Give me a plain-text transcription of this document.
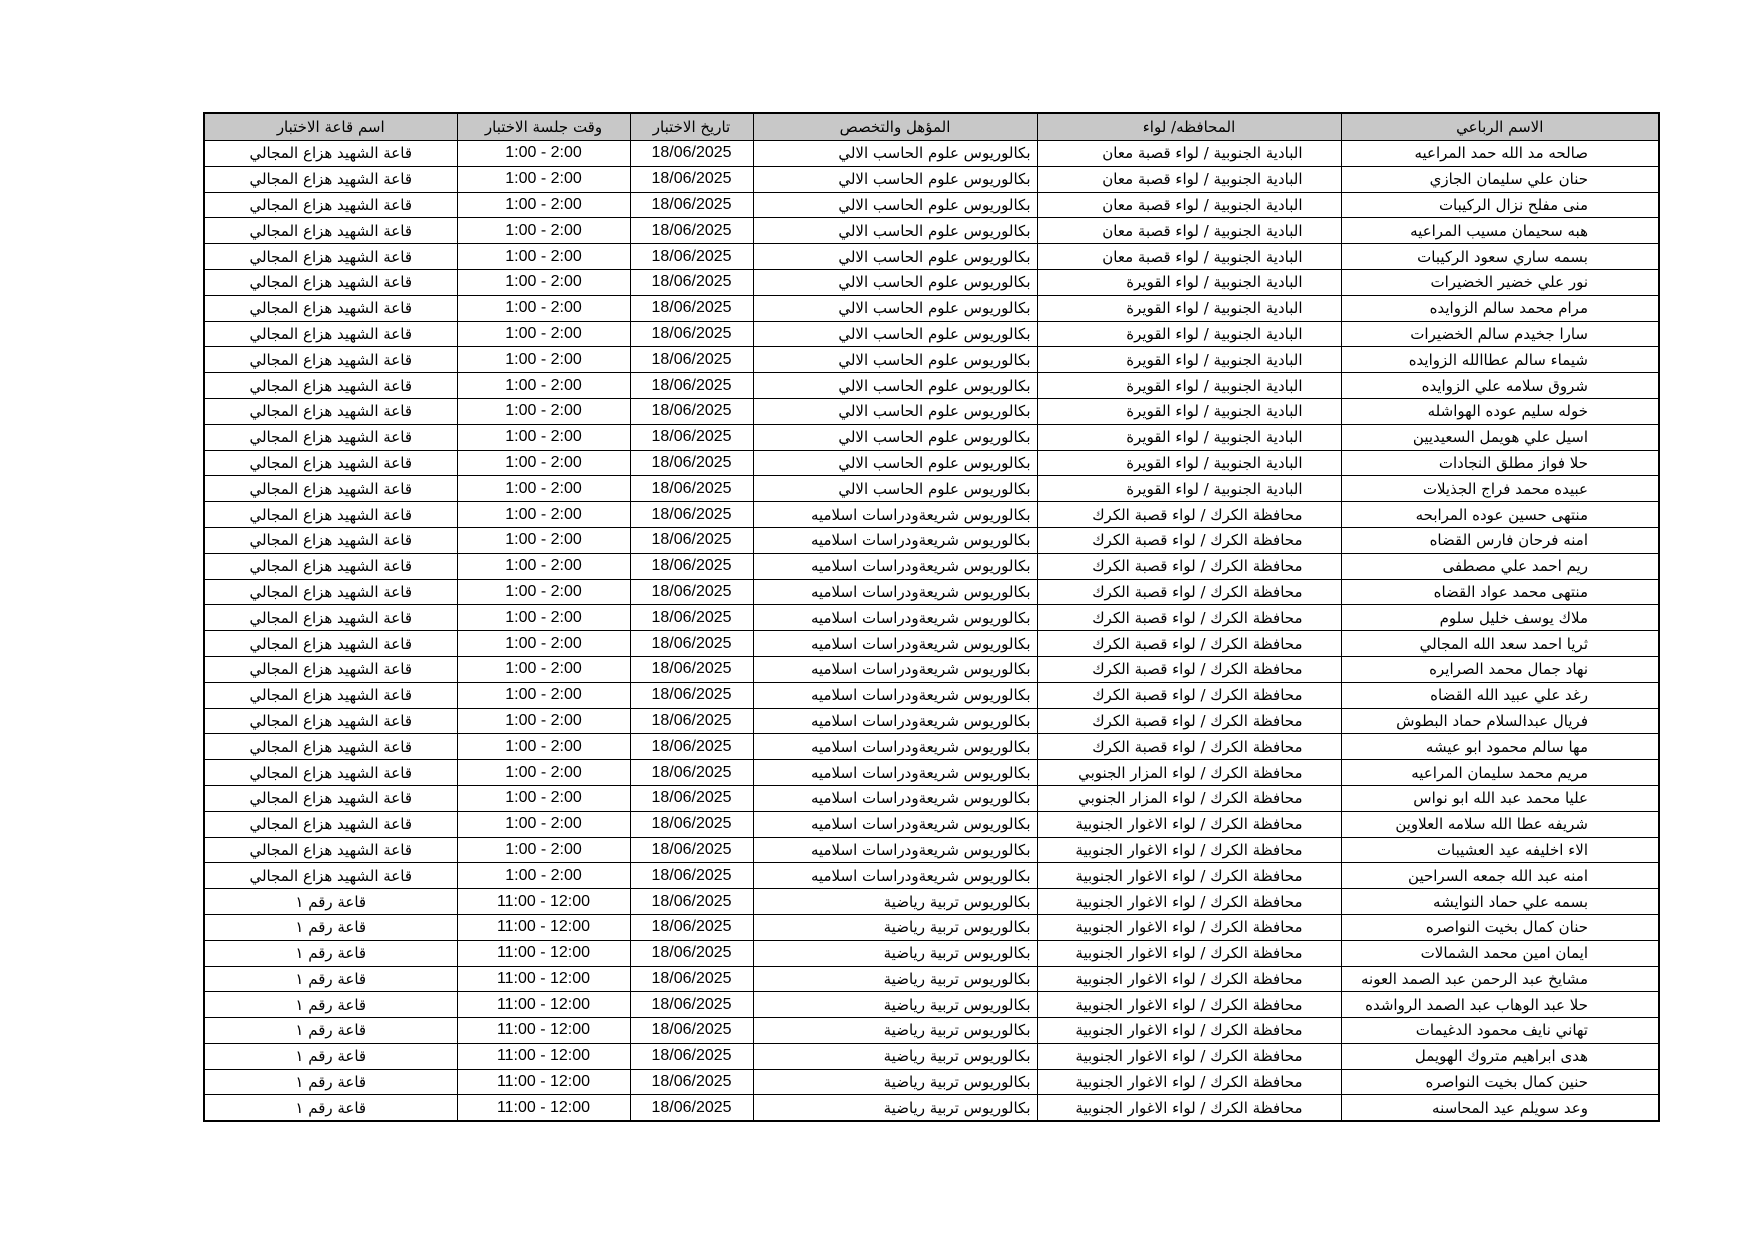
اسم قاعة الاختبار	وقت جلسة الاختبار	تاريخ الاختبار	المؤهل والتخصص	المحافظه/ لواء	الاسم الرباعي
قاعة الشهيد هزاع المجالي	1:00 - 2:00	18/06/2025	بكالوريوس علوم الحاسب الالي	البادية الجنوبية / لواء قصبة معان	صالحه مد الله حمد المراعيه
قاعة الشهيد هزاع المجالي	1:00 - 2:00	18/06/2025	بكالوريوس علوم الحاسب الالي	البادية الجنوبية / لواء قصبة معان	حنان علي سليمان الجازي
قاعة الشهيد هزاع المجالي	1:00 - 2:00	18/06/2025	بكالوريوس علوم الحاسب الالي	البادية الجنوبية / لواء قصبة معان	منى مفلح نزال الركيبات
قاعة الشهيد هزاع المجالي	1:00 - 2:00	18/06/2025	بكالوريوس علوم الحاسب الالي	البادية الجنوبية / لواء قصبة معان	هبه سحيمان مسيب المراعيه
قاعة الشهيد هزاع المجالي	1:00 - 2:00	18/06/2025	بكالوريوس علوم الحاسب الالي	البادية الجنوبية / لواء قصبة معان	بسمه ساري سعود الركيبات
قاعة الشهيد هزاع المجالي	1:00 - 2:00	18/06/2025	بكالوريوس علوم الحاسب الالي	البادية الجنوبية / لواء القويرة	نور علي خضير الخضيرات
قاعة الشهيد هزاع المجالي	1:00 - 2:00	18/06/2025	بكالوريوس علوم الحاسب الالي	البادية الجنوبية / لواء القويرة	مرام محمد سالم الزوايده
قاعة الشهيد هزاع المجالي	1:00 - 2:00	18/06/2025	بكالوريوس علوم الحاسب الالي	البادية الجنوبية / لواء القويرة	سارا جخيدم سالم الخضيرات
قاعة الشهيد هزاع المجالي	1:00 - 2:00	18/06/2025	بكالوريوس علوم الحاسب الالي	البادية الجنوبية / لواء القويرة	شيماء سالم عطاالله الزوايده
قاعة الشهيد هزاع المجالي	1:00 - 2:00	18/06/2025	بكالوريوس علوم الحاسب الالي	البادية الجنوبية / لواء القويرة	شروق سلامه علي الزوايده
قاعة الشهيد هزاع المجالي	1:00 - 2:00	18/06/2025	بكالوريوس علوم الحاسب الالي	البادية الجنوبية / لواء القويرة	خوله سليم عوده الهواشله
قاعة الشهيد هزاع المجالي	1:00 - 2:00	18/06/2025	بكالوريوس علوم الحاسب الالي	البادية الجنوبية / لواء القويرة	اسيل علي هويمل السعيديين
قاعة الشهيد هزاع المجالي	1:00 - 2:00	18/06/2025	بكالوريوس علوم الحاسب الالي	البادية الجنوبية / لواء القويرة	حلا فواز مطلق النجادات
قاعة الشهيد هزاع المجالي	1:00 - 2:00	18/06/2025	بكالوريوس علوم الحاسب الالي	البادية الجنوبية / لواء القويرة	عبيده محمد فراج الجذيلات
قاعة الشهيد هزاع المجالي	1:00 - 2:00	18/06/2025	بكالوريوس شريعةودراسات اسلاميه	محافظة الكرك / لواء قصبة الكرك	منتهى حسين عوده المرابحه
قاعة الشهيد هزاع المجالي	1:00 - 2:00	18/06/2025	بكالوريوس شريعةودراسات اسلاميه	محافظة الكرك / لواء قصبة الكرك	امنه فرحان فارس القضاه
قاعة الشهيد هزاع المجالي	1:00 - 2:00	18/06/2025	بكالوريوس شريعةودراسات اسلاميه	محافظة الكرك / لواء قصبة الكرك	ريم احمد علي مصطفى
قاعة الشهيد هزاع المجالي	1:00 - 2:00	18/06/2025	بكالوريوس شريعةودراسات اسلاميه	محافظة الكرك / لواء قصبة الكرك	منتهى محمد عواد القضاه
قاعة الشهيد هزاع المجالي	1:00 - 2:00	18/06/2025	بكالوريوس شريعةودراسات اسلاميه	محافظة الكرك / لواء قصبة الكرك	ملاك يوسف خليل سلوم
قاعة الشهيد هزاع المجالي	1:00 - 2:00	18/06/2025	بكالوريوس شريعةودراسات اسلاميه	محافظة الكرك / لواء قصبة الكرك	ثريا احمد سعد الله المجالي
قاعة الشهيد هزاع المجالي	1:00 - 2:00	18/06/2025	بكالوريوس شريعةودراسات اسلاميه	محافظة الكرك / لواء قصبة الكرك	نهاد جمال محمد الصرايره
قاعة الشهيد هزاع المجالي	1:00 - 2:00	18/06/2025	بكالوريوس شريعةودراسات اسلاميه	محافظة الكرك / لواء قصبة الكرك	رغد علي عبيد الله القضاه
قاعة الشهيد هزاع المجالي	1:00 - 2:00	18/06/2025	بكالوريوس شريعةودراسات اسلاميه	محافظة الكرك / لواء قصبة الكرك	فريال عبدالسلام حماد البطوش
قاعة الشهيد هزاع المجالي	1:00 - 2:00	18/06/2025	بكالوريوس شريعةودراسات اسلاميه	محافظة الكرك / لواء قصبة الكرك	مها سالم محمود ابو عيشه
قاعة الشهيد هزاع المجالي	1:00 - 2:00	18/06/2025	بكالوريوس شريعةودراسات اسلاميه	محافظة الكرك / لواء المزار الجنوبي	مريم محمد سليمان المراعيه
قاعة الشهيد هزاع المجالي	1:00 - 2:00	18/06/2025	بكالوريوس شريعةودراسات اسلاميه	محافظة الكرك / لواء المزار الجنوبي	عليا محمد عبد الله ابو نواس
قاعة الشهيد هزاع المجالي	1:00 - 2:00	18/06/2025	بكالوريوس شريعةودراسات اسلاميه	محافظة الكرك / لواء الاغوار الجنوبية	شريفه عطا الله سلامه العلاوين
قاعة الشهيد هزاع المجالي	1:00 - 2:00	18/06/2025	بكالوريوس شريعةودراسات اسلاميه	محافظة الكرك / لواء الاغوار الجنوبية	الاء اخليفه عيد العشيبات
قاعة الشهيد هزاع المجالي	1:00 - 2:00	18/06/2025	بكالوريوس شريعةودراسات اسلاميه	محافظة الكرك / لواء الاغوار الجنوبية	امنه عبد الله جمعه السراحين
قاعة رقم ١	11:00 - 12:00	18/06/2025	بكالوريوس تربية رياضية	محافظة الكرك / لواء الاغوار الجنوبية	بسمه علي حماد النوايشه
قاعة رقم ١	11:00 - 12:00	18/06/2025	بكالوريوس تربية رياضية	محافظة الكرك / لواء الاغوار الجنوبية	حنان كمال بخيت النواصره
قاعة رقم ١	11:00 - 12:00	18/06/2025	بكالوريوس تربية رياضية	محافظة الكرك / لواء الاغوار الجنوبية	ايمان امين محمد الشمالات
قاعة رقم ١	11:00 - 12:00	18/06/2025	بكالوريوس تربية رياضية	محافظة الكرك / لواء الاغوار الجنوبية	مشايخ عبد الرحمن عبد الصمد العونه
قاعة رقم ١	11:00 - 12:00	18/06/2025	بكالوريوس تربية رياضية	محافظة الكرك / لواء الاغوار الجنوبية	حلا عبد الوهاب عبد الصمد الرواشده
قاعة رقم ١	11:00 - 12:00	18/06/2025	بكالوريوس تربية رياضية	محافظة الكرك / لواء الاغوار الجنوبية	تهاني نايف محمود الدغيمات
قاعة رقم ١	11:00 - 12:00	18/06/2025	بكالوريوس تربية رياضية	محافظة الكرك / لواء الاغوار الجنوبية	هدى ابراهيم متروك الهويمل
قاعة رقم ١	11:00 - 12:00	18/06/2025	بكالوريوس تربية رياضية	محافظة الكرك / لواء الاغوار الجنوبية	حنين كمال بخيت النواصره
قاعة رقم ١	11:00 - 12:00	18/06/2025	بكالوريوس تربية رياضية	محافظة الكرك / لواء الاغوار الجنوبية	وعد سويلم عيد المحاسنه
